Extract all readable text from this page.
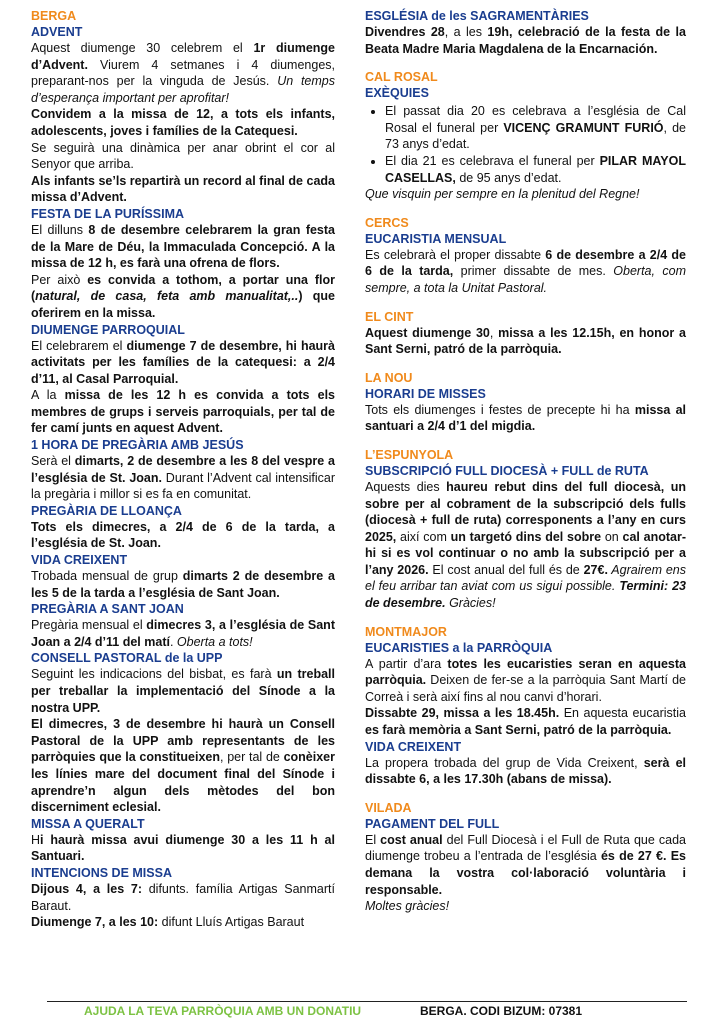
BERGA
ADVENT

Aquest diumenge 30 celebrem el 1r diumenge d’Advent. Viurem 4 setmanes i 4 diumenges, preparant-nos per la vinguda de Jesús. Un temps d’esperança important per aprofitar!

Convidem a la missa de 12, a tots els infants, adolescents, joves i famílies de la Catequesi.

Se seguirà una dinàmica per anar obrint el cor al Senyor que arriba.

Als infants se’ls repartirà un record al final de cada missa d’Advent.

FESTA DE LA PURÍSSIMA

El dilluns 8 de desembre celebrarem la gran festa de la Mare de Déu, la Immaculada Concepció. A la missa de 12 h, es farà una ofrena de flors.

Per això es convida a tothom, a portar una flor (natural, de casa, feta amb manualitat,..) que oferirem en la missa.

DIUMENGE PARROQUIAL

El celebrarem el diumenge 7 de desembre, hi haurà activitats per les famílies de la catequesi: a 2/4 d’11, al Casal Parroquial.

A la missa de les 12 h es convida a tots els membres de grups i serveis parroquials, per tal de fer camí junts en aquest Advent.

1 HORA DE PREGÀRIA AMB JESÚS

Serà el dimarts, 2 de desembre a les 8 del vespre a l’església de St. Joan. Durant l’Advent cal intensificar la pregària i millor si es fa en comunitat.

PREGÀRIA DE LLOANÇA

Tots els dimecres, a 2/4 de 6 de la tarda, a l’església de St. Joan.

VIDA CREIXENT

Trobada mensual de grup dimarts 2 de desembre a les 5 de la tarda a l’església de Sant Joan.

PREGÀRIA A SANT JOAN

Pregària mensual el dimecres 3, a l’església de Sant Joan a 2/4 d’11 del matí. Oberta a tots!

CONSELL PASTORAL de la UPP

Seguint les indicacions del bisbat, es farà un treball per treballar la implementació del Sínode a la nostra UPP.

El dimecres, 3 de desembre hi haurà un Consell Pastoral de la UPP amb representants de les parròquies que la constitueixen, per tal de conèixer les línies mare del document final del Sínode i aprendre’n algun dels mètodes del bon discerniment eclesial.

MISSA A QUERALT

Hi haurà missa avui diumenge 30 a les 11 h al Santuari.

INTENCIONS DE MISSA

Dijous 4, a les 7: difunts. família Artigas Sanmartí Baraut.

Diumenge 7, a les 10: difunt Lluís Artigas Baraut

ESGLÉSIA de les SAGRAMENTÀRIES

Divendres 28, a les 19h, celebració de la festa de la Beata Madre Maria Magdalena de la Encarnación.

CAL ROSAL
EXÈQUIES
• El passat dia 20 es celebrava a l’església de Cal Rosal el funeral per VICENÇ GRAMUNT FURIÓ, de 73 anys d’edat.
• El dia 21 es celebrava el funeral per PILAR MAYOL CASELLAS, de 95 anys d’edat.

Que visquin per sempre en la plenitud del Regne!

CERCS
EUCARISTIA MENSUAL

Es celebrarà el proper dissabte 6 de desembre a 2/4 de 6 de la tarda, primer dissabte de mes. Oberta, com sempre, a tota la Unitat Pastoral.

EL CINT

Aquest diumenge 30, missa a les 12.15h, en honor a Sant Serni, patró de la parròquia.

LA NOU
HORARI DE MISSES

Tots els diumenges i festes de precepte hi ha missa al santuari a 2/4 d’1 del migdia.

L’ESPUNYOLA
SUBSCRIPCIÓ FULL DIOCESÀ + FULL de RUTA

Aquests dies haureu rebut dins del full diocesà, un sobre per al cobrament de la subscripció dels fulls (diocesà + full de ruta) corresponents a l’any en curs 2025, així com un targetó dins del sobre on cal anotar-hi si es vol continuar o no amb la subscripció per a l’any 2026. El cost anual del full és de 27€. Agrairem ens el feu arribar tan aviat com us sigui possible. Termini: 23 de desembre. Gràcies!

MONTMAJOR
EUCARISTIES a la PARRÒQUIA

A partir d’ara totes les eucaristies seran en aquesta parròquia. Deixen de fer-se a la parròquia Sant Martí de Correà i serà així fins al nou canvi d’horari.

Dissabte 29, missa a les 18.45h. En aquesta eucaristia es farà memòria a Sant Serni, patró de la parròquia.

VIDA CREIXENT

La propera trobada del grup de Vida Creixent, serà el dissabte 6, a les 17.30h (abans de missa).

VILADA
PAGAMENT DEL FULL

El cost anual del Full Diocesà i el Full de Ruta que cada diumenge trobeu a l’entrada de l’església és de 27 €. Es demana la vostra col·laboració voluntària i responsable.

Moltes gràcies!

AJUDA LA TEVA PARRÒQUIA AMB UN DONATIU	BERGA. CODI BIZUM: 07381
